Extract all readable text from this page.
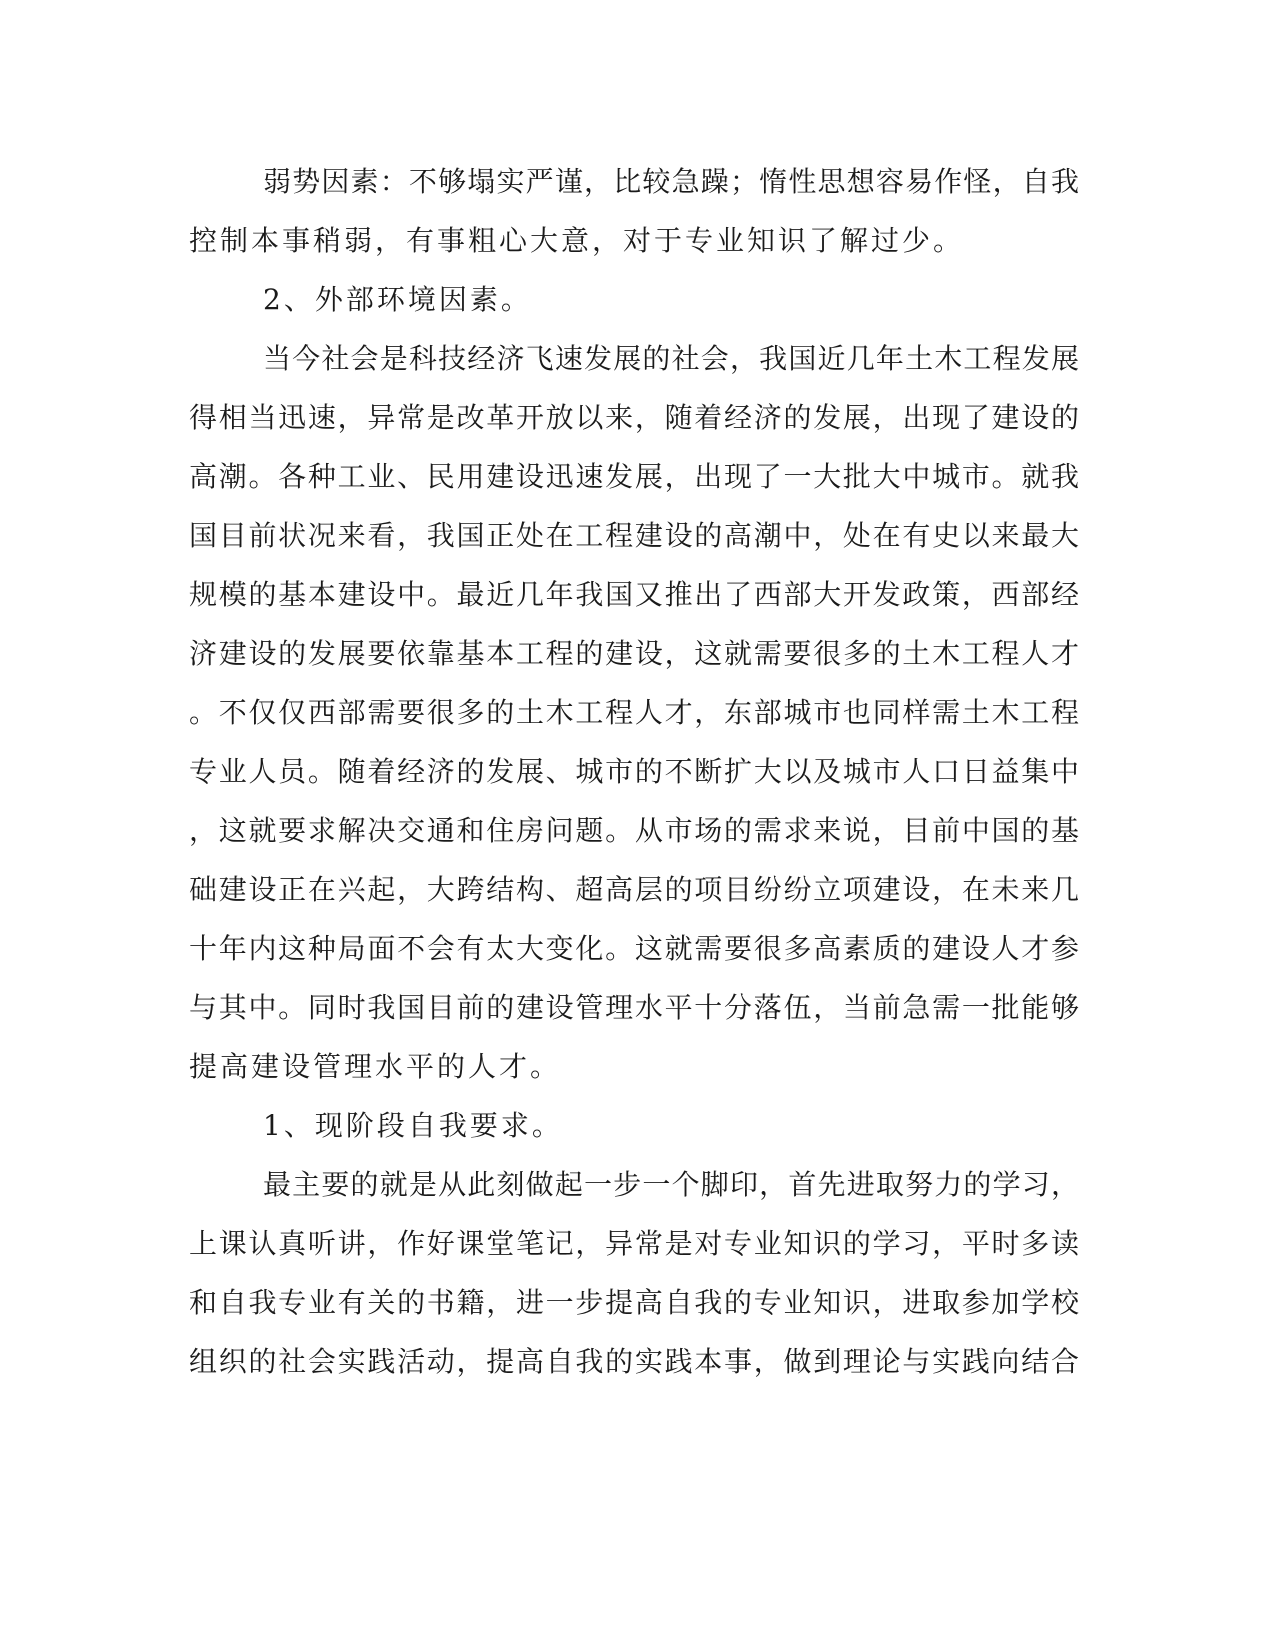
弱势因素：不够塌实严谨，比较急躁；惰性思想容易作怪，自我
控制本事稍弱，有事粗心大意，对于专业知识了解过少。
2、外部环境因素。
当今社会是科技经济飞速发展的社会，我国近几年土木工程发展
得相当迅速，异常是改革开放以来，随着经济的发展，出现了建设的
高潮。各种工业、民用建设迅速发展，出现了一大批大中城市。就我
国目前状况来看，我国正处在工程建设的高潮中，处在有史以来最大
规模的基本建设中。最近几年我国又推出了西部大开发政策，西部经
济建设的发展要依靠基本工程的建设，这就需要很多的土木工程人才
。不仅仅西部需要很多的土木工程人才，东部城市也同样需土木工程
专业人员。随着经济的发展、城市的不断扩大以及城市人口日益集中
，这就要求解决交通和住房问题。从市场的需求来说，目前中国的基
础建设正在兴起，大跨结构、超高层的项目纷纷立项建设，在未来几
十年内这种局面不会有太大变化。这就需要很多高素质的建设人才参
与其中。同时我国目前的建设管理水平十分落伍，当前急需一批能够
提高建设管理水平的人才。
1、现阶段自我要求。
最主要的就是从此刻做起一步一个脚印，首先进取努力的学习，
上课认真听讲，作好课堂笔记，异常是对专业知识的学习，平时多读
和自我专业有关的书籍，进一步提高自我的专业知识，进取参加学校
组织的社会实践活动，提高自我的实践本事，做到理论与实践向结合
